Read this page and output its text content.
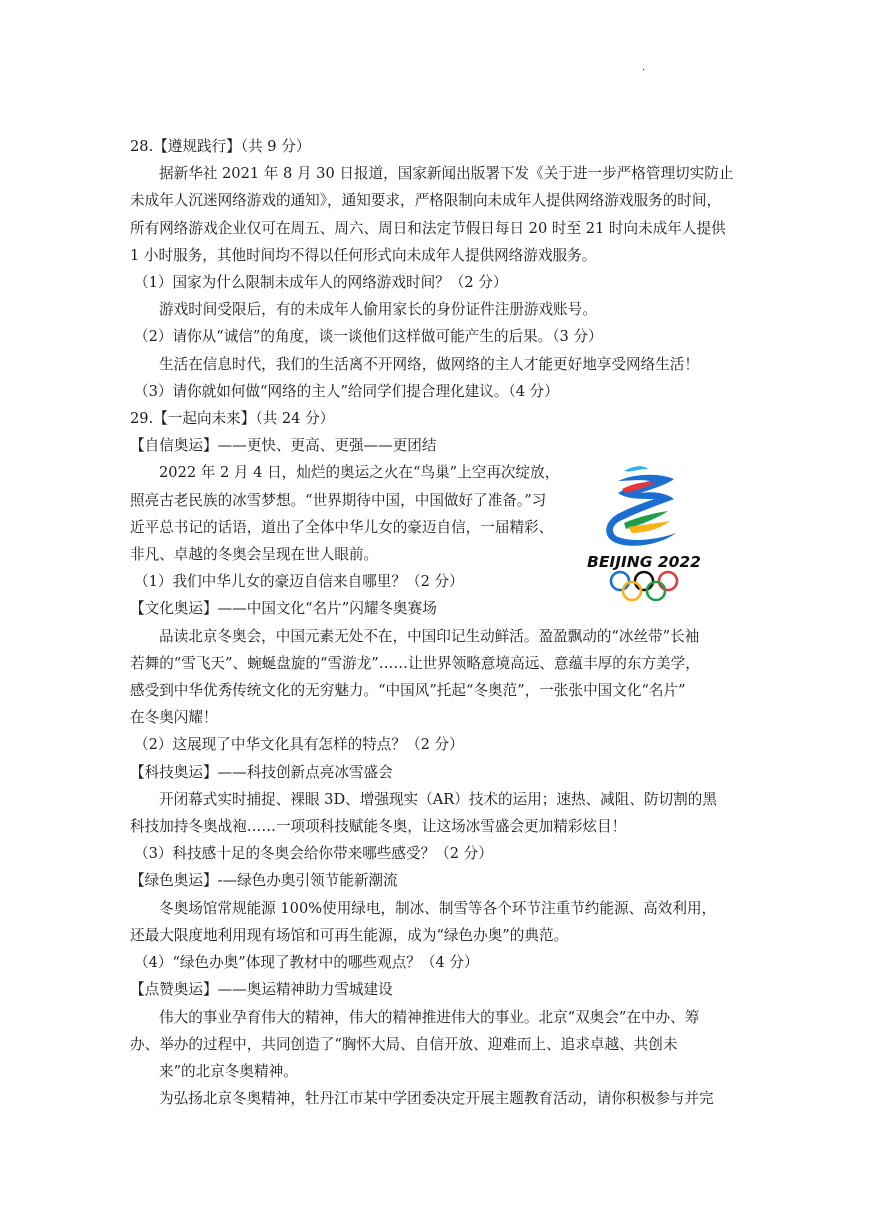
·

28.【遵规践行】（共 9 分）

据新华社 2021 年 8 月 30 日报道，国家新闻出版署下发《关于进一步严格管理切实防止

未成年人沉迷网络游戏的通知》，通知要求，严格限制向未成年人提供网络游戏服务的时间，

所有网络游戏企业仅可在周五、周六、周日和法定节假日每日 20 时至 21 时向未成年人提供

1 小时服务，其他时间均不得以任何形式向未成年人提供网络游戏服务。

（1）国家为什么限制未成年人的网络游戏时间？（2 分）

游戏时间受限后，有的未成年人偷用家长的身份证件注册游戏账号。

（2）请你从“诚信”的角度，谈一谈他们这样做可能产生的后果。（3 分）

生活在信息时代，我们的生活离不开网络，做网络的主人才能更好地享受网络生活！

（3）请你就如何做“网络的主人”给同学们提合理化建议。（4 分）

29.【一起向未来】（共 24 分）

【自信奥运】——更快、更高、更强——更团结

2022 年 2 月 4 日，灿烂的奥运之火在“鸟巢”上空再次绽放，

照亮古老民族的冰雪梦想。“世界期待中国，中国做好了准备。”习

近平总书记的话语，道出了全体中华儿女的豪迈自信，一届精彩、

非凡、卓越的冬奥会呈现在世人眼前。

（1）我们中华儿女的豪迈自信来自哪里？（2 分）

【文化奥运】——中国文化“名片”闪耀冬奥赛场

品读北京冬奥会，中国元素无处不在，中国印记生动鲜活。盈盈飘动的“冰丝带”长袖

若舞的“雪飞天”、蜿蜒盘旋的“雪游龙”……让世界领略意境高远、意蕴丰厚的东方美学，

感受到中华优秀传统文化的无穷魅力。“中国风”托起“冬奥范”，一张张中国文化“名片”

在冬奥闪耀！

（2）这展现了中华文化具有怎样的特点？（2 分）

【科技奥运】——科技创新点亮冰雪盛会

开闭幕式实时捕捉、裸眼 3D、增强现实（AR）技术的运用；速热、减阻、防切割的黑

科技加持冬奥战袍……一项项科技赋能冬奥，让这场冰雪盛会更加精彩炫目！

（3）科技感十足的冬奥会给你带来哪些感受？（2 分）

【绿色奥运】-—绿色办奥引领节能新潮流

冬奥场馆常规能源 100%使用绿电，制冰、制雪等各个环节注重节约能源、高效利用，

还最大限度地利用现有场馆和可再生能源，成为“绿色办奥”的典范。

（4）“绿色办奥”体现了教材中的哪些观点？（4 分）

【点赞奥运】——奥运精神助力雪城建设

伟大的事业孕育伟大的精神，伟大的精神推进伟大的事业。北京“双奥会”在中办、筹

办、举办的过程中，共同创造了“胸怀大局、自信开放、迎难而上、追求卓越、共创未

来”的北京冬奥精神。

为弘扬北京冬奥精神，牡丹江市某中学团委决定开展主题教育活动，请你积极参与并完

BEIJING 2022
